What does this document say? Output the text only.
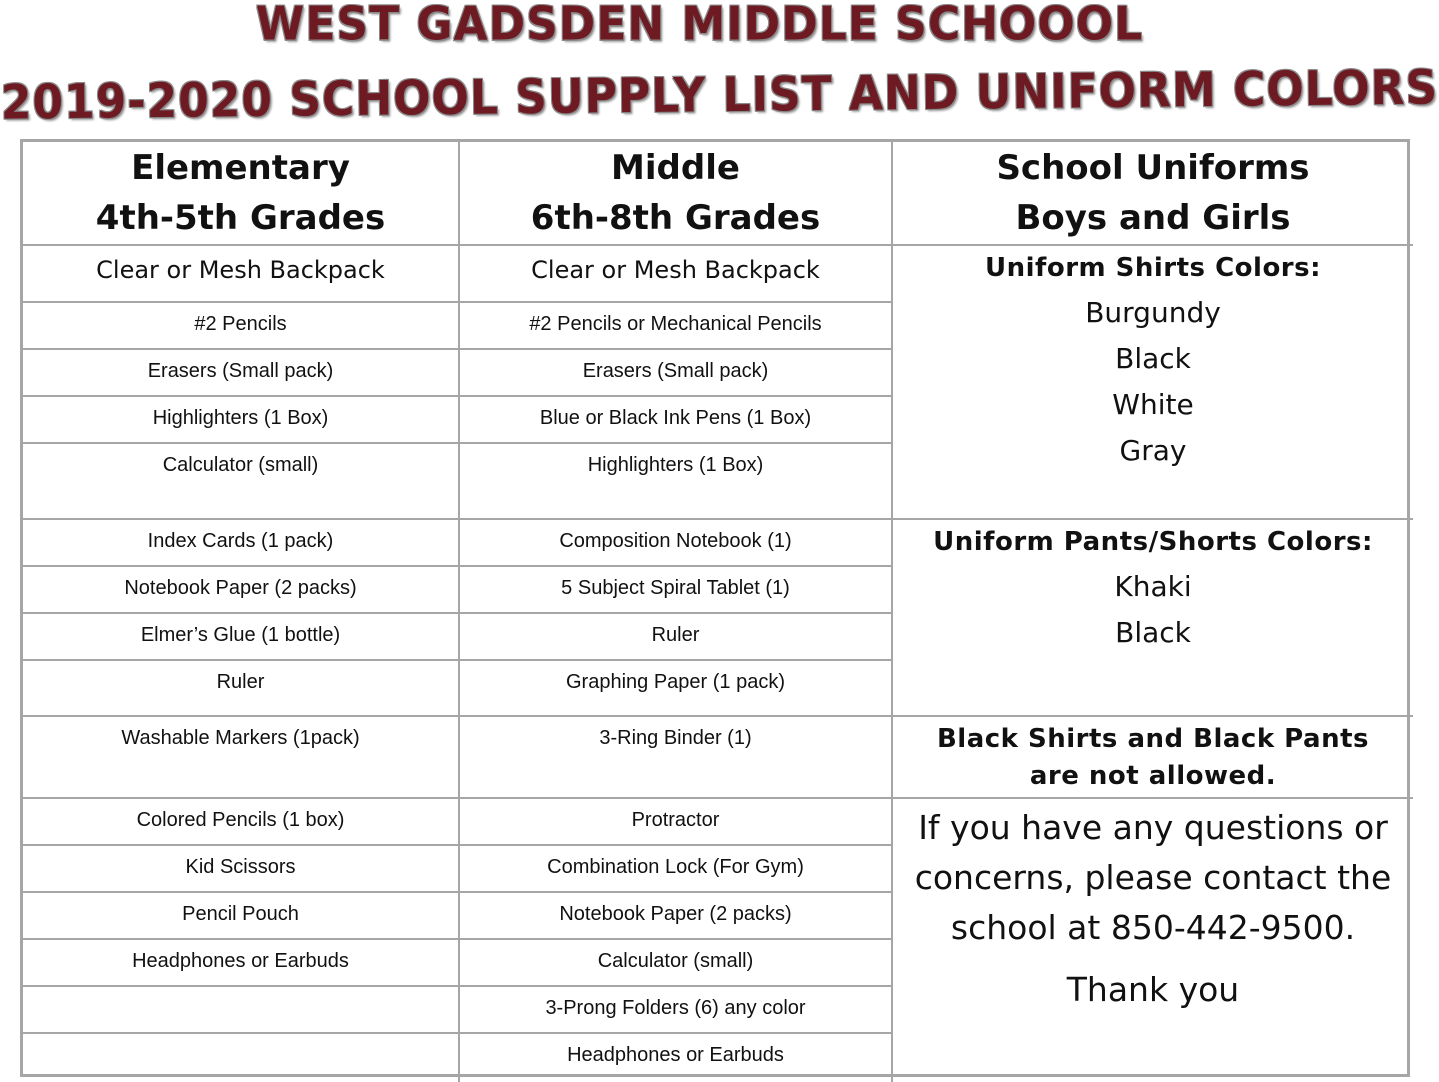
WEST GADSDEN MIDDLE SCHOOOL
2019-2020 SCHOOL SUPPLY LIST AND UNIFORM COLORS
Elementary
4th-5th Grades
Middle
6th-8th Grades
School Uniforms
Boys and Girls
Clear or Mesh Backpack
#2 Pencils
Erasers (Small pack)
Highlighters (1 Box)
Calculator (small)
Index Cards (1 pack)
Notebook Paper (2 packs)
Elmer’s Glue (1 bottle)
Ruler
Washable Markers (1pack)
Colored Pencils (1 box)
Kid Scissors
Pencil Pouch
Headphones or Earbuds
Clear or Mesh Backpack
#2 Pencils or Mechanical Pencils
Erasers (Small pack)
Blue or Black Ink Pens (1 Box)
Highlighters (1 Box)
Composition Notebook (1)
5 Subject Spiral Tablet (1)
Ruler
Graphing Paper (1 pack)
3-Ring Binder (1)
Protractor
Combination Lock (For Gym)
Notebook Paper (2 packs)
Calculator (small)
3-Prong Folders (6) any color
Headphones or Earbuds
Uniform Shirts Colors:
Burgundy
Black
White
Gray
Uniform Pants/Shorts Colors:
Khaki
Black
Black Shirts and Black Pants
are not allowed.
If you have any questions or
concerns, please contact the
school at 850-442-9500.
Thank you
